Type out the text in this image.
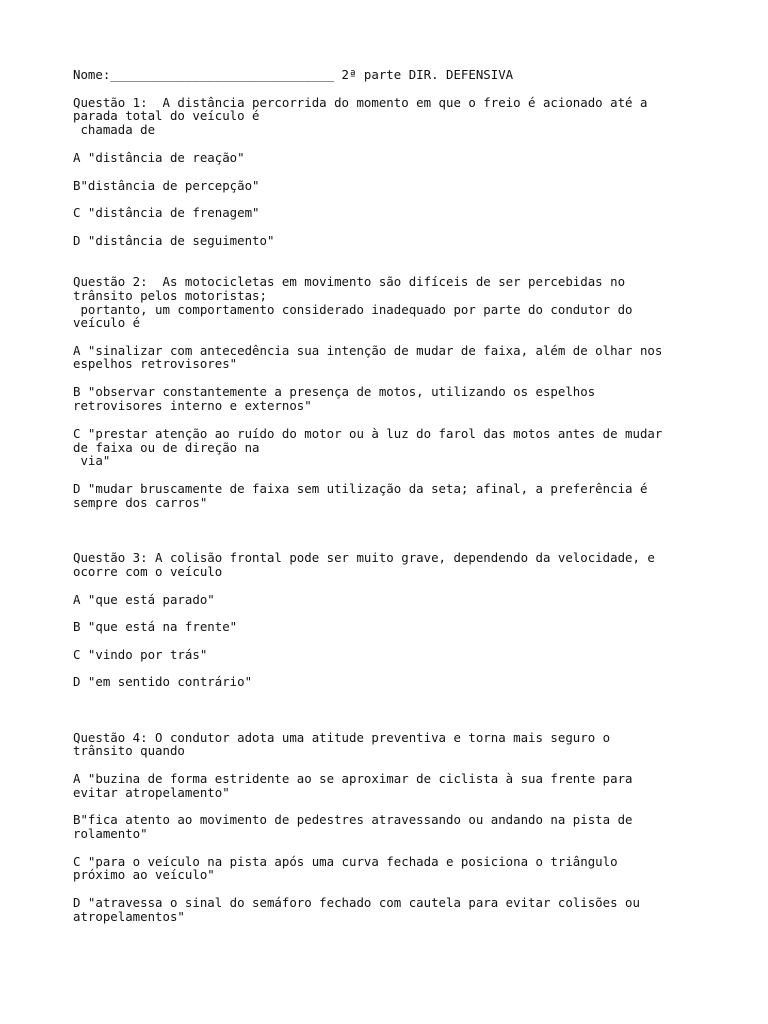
Nome:______________________________ 2ª parte DIR. DEFENSIVA

Questão 1:  A distância percorrida do momento em que o freio é acionado até a

parada total do veículo é

chamada de

A "distância de reação"

B"distância de percepção"

C "distância de frenagem"

D "distância de seguimento"

Questão 2:  As motocicletas em movimento são difíceis de ser percebidas no

trânsito pelos motoristas;

portanto, um comportamento considerado inadequado por parte do condutor do

veículo é

A "sinalizar com antecedência sua intenção de mudar de faixa, além de olhar nos

espelhos retrovisores"

B "observar constantemente a presença de motos, utilizando os espelhos

retrovisores interno e externos"

C "prestar atenção ao ruído do motor ou à luz do farol das motos antes de mudar

de faixa ou de direção na

via"

D "mudar bruscamente de faixa sem utilização da seta; afinal, a preferência é

sempre dos carros"

Questão 3: A colisão frontal pode ser muito grave, dependendo da velocidade, e

ocorre com o veículo

A "que está parado"

B "que está na frente"

C "vindo por trás"

D "em sentido contrário"

Questão 4: O condutor adota uma atitude preventiva e torna mais seguro o

trânsito quando

A "buzina de forma estridente ao se aproximar de ciclista à sua frente para

evitar atropelamento"

B"fica atento ao movimento de pedestres atravessando ou andando na pista de

rolamento"

C "para o veículo na pista após uma curva fechada e posiciona o triângulo

próximo ao veículo"

D "atravessa o sinal do semáforo fechado com cautela para evitar colisões ou

atropelamentos"
